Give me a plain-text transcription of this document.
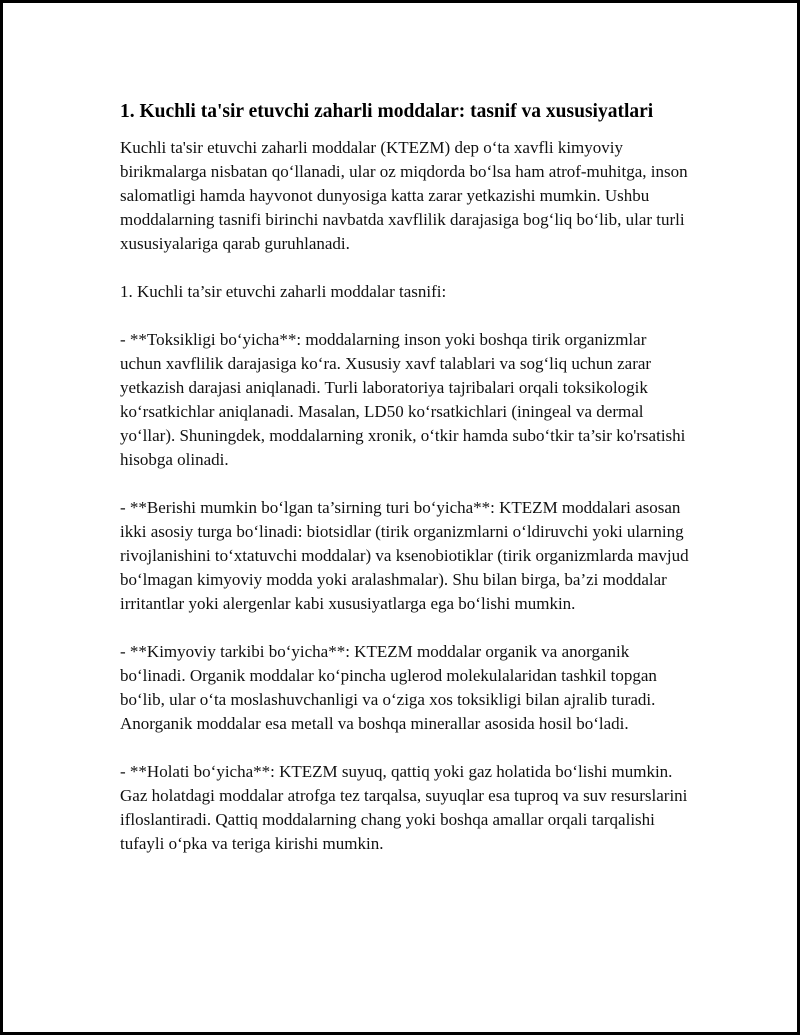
1. Kuchli ta'sir etuvchi zaharli moddalar: tasnif va xususiyatlari

Kuchli ta'sir etuvchi zaharli moddalar (KTEZM) dep o‘ta xavfli kimyoviy birikmalarga nisbatan qo‘llanadi, ular oz miqdorda bo‘lsa ham atrof-muhitga, inson salomatligi hamda hayvonot dunyosiga katta zarar yetkazishi mumkin. Ushbu moddalarning tasnifi birinchi navbatda xavflilik darajasiga bog‘liq bo‘lib, ular turli xususiyalariga qarab guruhlanadi.

1. Kuchli ta’sir etuvchi zaharli moddalar tasnifi:

- **Toksikligi bo‘yicha**: moddalarning inson yoki boshqa tirik organizmlar uchun xavflilik darajasiga ko‘ra. Xususiy xavf talablari va sog‘liq uchun zarar yetkazish darajasi aniqlanadi. Turli laboratoriya tajribalari orqali toksikologik ko‘rsatkichlar aniqlanadi. Masalan, LD50 ko‘rsatkichlari (iningeal va dermal yo‘llar). Shuningdek, moddalarning xronik, o‘tkir hamda subo‘tkir ta’sir ko'rsatishi hisobga olinadi.

- **Berishi mumkin bo‘lgan ta’sirning turi bo‘yicha**: KTEZM moddalari asosan ikki asosiy turga bo‘linadi: biotsidlar (tirik organizmlarni o‘ldiruvchi yoki ularning rivojlanishini to‘xtatuvchi moddalar) va ksenobiotiklar (tirik organizmlarda mavjud bo‘lmagan kimyoviy modda yoki aralashmalar). Shu bilan birga, ba’zi moddalar irritantlar yoki alergenlar kabi xususiyatlarga ega bo‘lishi mumkin.

- **Kimyoviy tarkibi bo‘yicha**: KTEZM moddalar organik va anorganik bo‘linadi. Organik moddalar ko‘pincha uglerod molekulalaridan tashkil topgan bo‘lib, ular o‘ta moslashuvchanligi va o‘ziga xos toksikligi bilan ajralib turadi. Anorganik moddalar esa metall va boshqa minerallar asosida hosil bo‘ladi.

- **Holati bo‘yicha**: KTEZM suyuq, qattiq yoki gaz holatida bo‘lishi mumkin. Gaz holatdagi moddalar atrofga tez tarqalsa, suyuqlar esa tuproq va suv resurslarini ifloslantiradi. Qattiq moddalarning chang yoki boshqa amallar orqali tarqalishi tufayli o‘pka va teriga kirishi mumkin.
